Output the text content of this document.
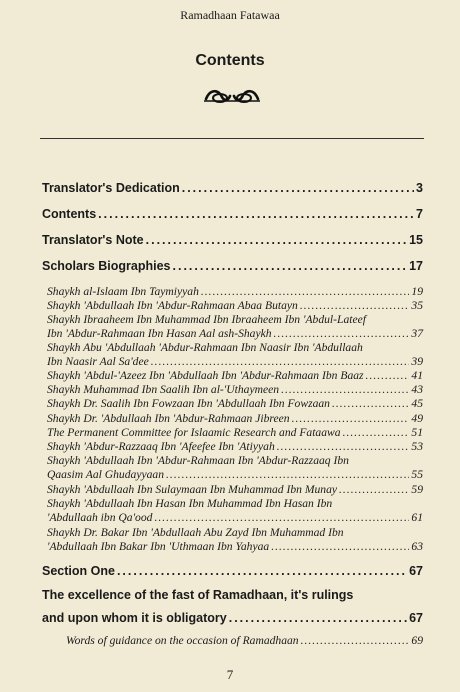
Ramadhaan Fatawaa
Contents
Translator's Dedication .....	3
Contents .....	7
Translator's Note .....	15
Scholars Biographies .....	17
Shaykh al-Islaam Ibn Taymiyyah .....	19
Shaykh 'Abdullaah Ibn 'Abdur-Rahmaan Abaa Butayn .....	35
Shaykh Ibraaheem Ibn Muhammad Ibn Ibraaheem Ibn 'Abdul-Lateef
Ibn 'Abdur-Rahmaan Ibn Hasan Aal ash-Shaykh .....	37
Shaykh Abu 'Abdullaah 'Abdur-Rahmaan Ibn Naasir Ibn 'Abdullaah
Ibn Naasir Aal Sa'dee .....	39
Shaykh 'Abdul-'Azeez Ibn 'Abdullaah Ibn 'Abdur-Rahmaan Ibn Baaz .....	41
Shaykh Muhammad Ibn Saalih Ibn al-'Uthaymeen .....	43
Shaykh Dr. Saalih Ibn Fowzaan Ibn 'Abdullaah Ibn Fowzaan .....	45
Shaykh Dr. 'Abdullaah Ibn 'Abdur-Rahmaan Jibreen .....	49
The Permanent Committee for Islaamic Research and Fataawa .....	51
Shaykh 'Abdur-Razzaaq Ibn 'Afeefee Ibn 'Atiyyah .....	53
Shaykh 'Abdullaah Ibn 'Abdur-Rahmaan Ibn 'Abdur-Razzaaq Ibn
Qaasim Aal Ghudayyaan .....	55
Shaykh 'Abdullaah Ibn Sulaymaan Ibn Muhammad Ibn Munay .....	59
Shaykh 'Abdullaah Ibn Hasan Ibn Muhammad Ibn Hasan Ibn
'Abdullaah ibn Qa'ood .....	61
Shaykh Dr. Bakar Ibn 'Abdullaah Abu Zayd Ibn Muhammad Ibn
'Abdullaah Ibn Bakar Ibn 'Uthmaan Ibn Yahyaa .....	63
Section One .....	67
The excellence of the fast of Ramadhaan, it's rulings
and upon whom it is obligatory .....	67
Words of guidance on the occasion of Ramadhaan .....	69
7
